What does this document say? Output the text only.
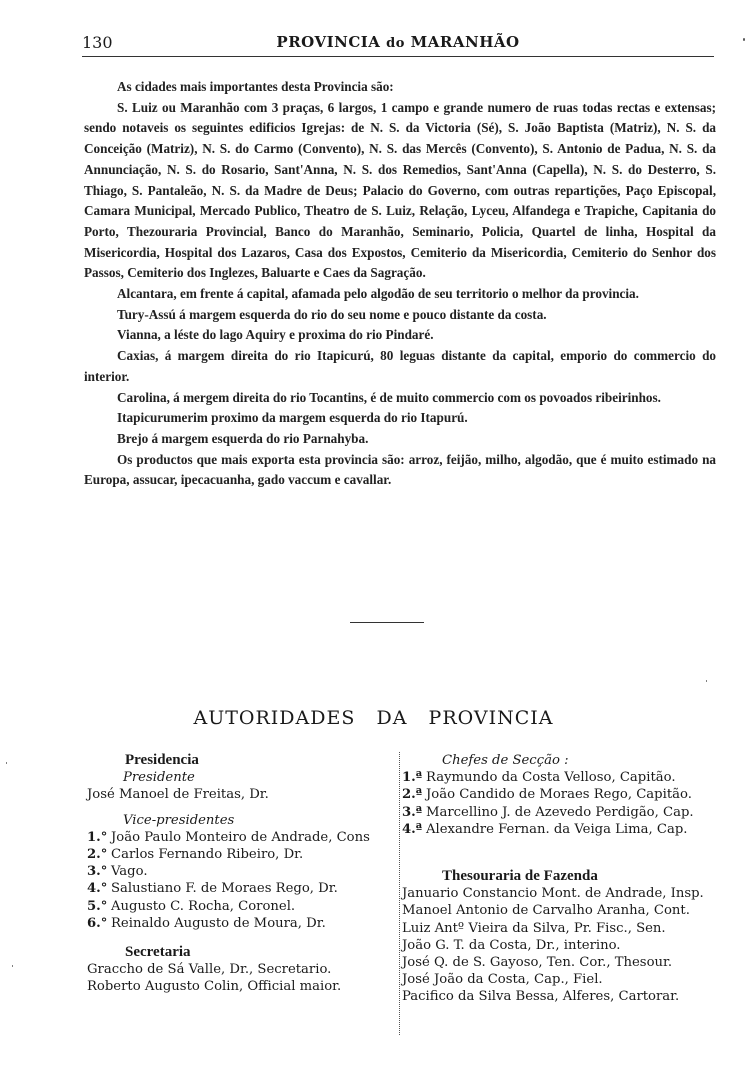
130	PROVINCIA do MARANHÃO

As cidades mais importantes desta Provincia são:

S. Luiz ou Maranhão com 3 praças, 6 largos, 1 campo e grande numero de ruas todas rectas e extensas; sendo notaveis os seguintes edificios Igrejas: de N. S. da Victoria (Sé), S. João Baptista (Matriz), N. S. da Conceição (Matriz), N. S. do Carmo (Convento), N. S. das Mercês (Convento), S. Antonio de Padua, N. S. da Annunciação, N. S. do Rosario, Sant'Anna, N. S. dos Remedios, Sant'Anna (Capella), N. S. do Desterro, S. Thiago, S. Pantaleão, N. S. da Madre de Deus; Palacio do Governo, com outras repartições, Paço Episcopal, Camara Municipal, Mercado Publico, Theatro de S. Luiz, Relação, Lyceu, Alfandega e Trapiche, Capitania do Porto, Thezouraria Provincial, Banco do Maranhão, Seminario, Policia, Quartel de linha, Hospital da Misericordia, Hospital dos Lazaros, Casa dos Expostos, Cemiterio da Misericordia, Cemiterio do Senhor dos Passos, Cemiterio dos Inglezes, Baluarte e Caes da Sagração.

Alcantara, em frente á capital, afamada pelo algodão de seu territorio o melhor da provincia.

Tury-Assú á margem esquerda do rio do seu nome e pouco distante da costa.

Vianna, a léste do lago Aquiry e proxima do rio Pindaré.

Caxias, á margem direita do rio Itapicurú, 80 leguas distante da capital, emporio do commercio do interior.

Carolina, á mergem direita do rio Tocantins, é de muito commercio com os povoados ribeirinhos.

Itapicurumerim proximo da margem esquerda do rio Itapurú.

Brejo á margem esquerda do rio Parnahyba.

Os productos que mais exporta esta provincia são: arroz, feijão, milho, algodão, que é muito estimado na Europa, assucar, ipecacuanha, gado vaccum e cavallar.

AUTORIDADES   DA   PROVINCIA
Presidencia
Presidente
José Manoel de Freitas, Dr.
Vice-presidentes
1.° João Paulo Monteiro de Andrade, Cons
2.° Carlos Fernando Ribeiro, Dr.
3.° Vago.
4.° Salustiano F. de Moraes Rego, Dr.
5.° Augusto C. Rocha, Coronel.
6.° Reinaldo Augusto de Moura, Dr.
Secretaria
Graccho de Sá Valle, Dr., Secretario.
Roberto Augusto Colin, Official maior.
Chefes de Secção :
1.ª Raymundo da Costa Velloso, Capitão.
2.ª João Candido de Moraes Rego, Capitão.
3.ª Marcellino J. de Azevedo Perdigão, Cap.
4.ª Alexandre Fernan. da Veiga Lima, Cap.
Thesouraria de Fazenda
Januario Constancio Mont. de Andrade, Insp.
Manoel Antonio de Carvalho Aranha, Cont.
Luiz Antº Vieira da Silva, Pr. Fisc., Sen.
João G. T. da Costa, Dr., interino.
José Q. de S. Gayoso, Ten. Cor., Thesour.
José João da Costa, Cap., Fiel.
Pacifico da Silva Bessa, Alferes, Cartorar.
